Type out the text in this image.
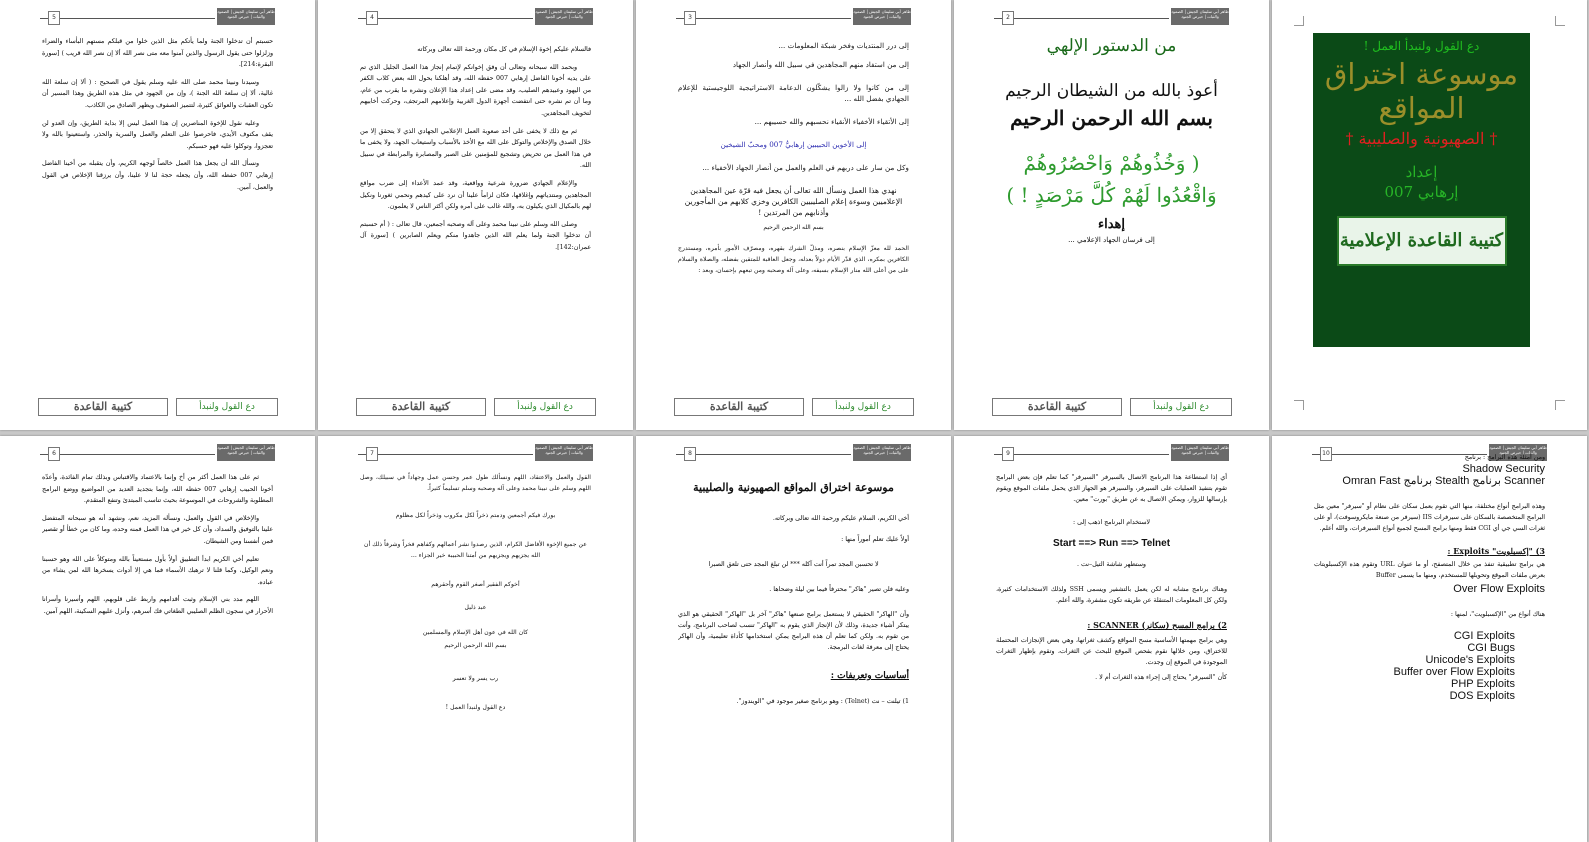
دع القول ولنبدأ العمل !
موسوعة اختراق المواقع
† الصهيونية والصليبية †
إعداد
إرهابي 007
كتيبة القاعدة الإعلامية
2
طاهر أبي سليمان الجيش | الصمود والثبات | حيرص الجنود
من الدستور الإلهي
أعوذ بالله من الشيطان الرجيم
بسم الله الرحمن الرحيم
( وَخُذُوهُمْ وَاحْصُرُوهُمْ وَاقْعُدُوا لَهُمْ كُلَّ مَرْصَدٍ ! )
إهداء
إلى فرسان الجهاد الإعلامي ...
كتيبة القاعدة	دع القول ولنبدأ
3
طاهر أبي سليمان الجيش | الصمود والثبات | حيرص الجنود

إلى درر المنتديات وفخر شبكة المعلومات ...

إلى من استفاد منهم المجاهدين في سبيل الله وأنصار الجهاد

إلى من كانوا ولا زالوا يشكّلون الدعامة الاستراتيجية اللوجيستية للإعلام الجهادي بفضل الله ...

إلى الأتقياء الأخفياء الأنقياء نحسبهم والله حسيبهم ...

إلى الأخوين الحبيبين إرهابيُّ 007 ومحبّ الشيخين

وكل من سار على دربهم في العلم والعمل من أنصار الجهاد الأخفياء ...

نهدي هذا العمل ونسأل الله تعالى أن يجعل فيه قرّة عين المجاهدين الإعلاميين وسوءة إعلام الصليبيين الكافرين وخزي كلابهم من المأجورين وأذنابهم من المرتدين !

بسم الله الرحمن الرحيم

الحمد لله معزّ الإسلام بنصره، ومذلّ الشرك بقهره، ومصرّف الأمور بأمره، ومستدرج الكافرين بمكره، الذي قدّر الأيام دولاً بعدله، وجعل العاقبة للمتقين بفضله، والصلاة والسلام على من أعلى الله منار الإسلام بسيفه، وعلى آله وصحبه ومن تبعهم بإحسان، وبعد :

كتيبة القاعدة	دع القول ولنبدأ
4
طاهر أبي سليمان الجيش | الصمود والثبات | حيرص الجنود

فالسلام عليكم إخوة الإسلام في كل مكان ورحمة الله تعالى وبركاته

وبحمد الله سبحانه وتعالى أن وفق إخوانكم لإتمام إنجاز هذا العمل الجليل الذي تم على يديه أخونا الفاضل إرهابي 007 حفظه الله، وقد أهلكنا بحول الله بعض كلاب الكفر من اليهود وعبيدهم الصليب، وقد مضى على إعداد هذا الإعلان ونشره ما يقرب من عام، وما أن تم نشره حتى انتفضت أجهزة الدول الغربية وإعلامهم المرتجف، وحركت أخابيهم لتخويف المجاهدين.

ثم مع ذلك لا يخفى على أحد صعوبة العمل الإعلامي الجهادي الذي لا يتحقق إلا من خلال الصدق والإخلاص والتوكل على الله مع الأخذ بالأسباب واستيعاب الجهد، ولا يخفى ما في هذا العمل من تحريض وتشجيع للمؤمنين على الصبر والمصابرة والمرابطة في سبيل الله.

والإعلام الجهادي ضرورة شرعية وواقعية، وقد عمد الأعداء إلى ضرب مواقع المجاهدين ومنتدياتهم وإغلاقها، فكان لزاماً علينا أن نرد على كيدهم ونحمي ثغورنا ونكيل لهم بالمكيال الذي يكيلون به، والله غالب على أمره ولكن أكثر الناس لا يعلمون.

وصلى الله وسلم على نبينا محمد وعلى آله وصحبه أجمعين، قال تعالى : ( أم حسبتم أن تدخلوا الجنة ولما يعلم الله الذين جاهدوا منكم ويعلم الصابرين ) [سورة آل عمران:142].

كتيبة القاعدة	دع القول ولنبدأ
5
طاهر أبي سليمان الجيش | الصمود والثبات | حيرص الجنود

حسبتم أن تدخلوا الجنة ولما يأتكم مثل الذين خلوا من قبلكم مستهم البأساء والضراء وزلزلوا حتى يقول الرسول والذين آمنوا معه متى نصر الله ألا إن نصر الله قريب ) [سورة البقرة:214].

وسيدنا ونبينا محمد صلى الله عليه وسلم يقول في الصحيح : ( ألا إن سلعة الله غالية، ألا إن سلعة الله الجنة )، وإن من الجهود في مثل هذه الطريق وهذا المسير أن تكون العقبات والعوائق كثيرة، لتتميز الصفوف ويظهر الصادق من الكاذب.

وعليه نقول للإخوة المناصرين إن هذا العمل ليس إلا بداية الطريق، وإن العدو لن يقف مكتوف الأيدي، فاحرصوا على التعلم والعمل والسرية والحذر، واستعينوا بالله ولا تعجزوا، وتوكلوا عليه فهو حسبكم.

ونسأل الله أن يجعل هذا العمل خالصاً لوجهه الكريم، وأن يتقبله من أخينا الفاضل إرهابي 007 حفظه الله، وأن يجعله حجة لنا لا علينا، وأن يرزقنا الإخلاص في القول والعمل، آمين.

كتيبة القاعدة	دع القول ولنبدأ
6
طاهر أبي سليمان الجيش | الصمود والثبات | حيرص الجنود

ثم على هذا العمل أكثر من أخ وإنما بالاعتماد والاقتباس وبذلك تمام الفائدة، وأعدّه أخونا الحبيب إرهابي 007 حفظه الله، وإنما بتجديد العديد من المواضيع ووضع البرامج المطلوبة والشروحات في الموسوعة بحيث تناسب المبتدئ وتنفع المتقدم.

والإخلاص في القول والعمل، ونسأله المزيد، نعم، ونشهد أنه هو سبحانه المتفضل علينا بالتوفيق والسداد، وأن كل خير في هذا العمل فمنه وحده، وما كان من خطأ أو تقصير فمن أنفسنا ومن الشيطان.

تعليم أخي الكريم ابدأ التطبيق أولاً بأول مستعيناً بالله ومتوكلاً على الله وهو حسبنا ونعم الوكيل، وكما قلنا لا ترهبك الأسماء فما هي إلا أدوات يسخرها الله لمن يشاء من عباده.

اللهم مدد بني الإسلام وثبت أقدامهم واربط على قلوبهم، اللهم وأسيرنا وأسرانا الأحرار في سجون الظلم الصليبي الطغاتي فك أسرهم، وأنزل عليهم السكينة، اللهم آمين.

7
طاهر أبي سليمان الجيش | الصمود والثبات | حيرص الجنود

القول والعمل والاعتقاد، اللهم ونسألك طول عمر وحسن عمل وجهاداً في سبيلك، وصل اللهم وسلم على نبينا محمد وعلى آله وصحبه وسلم تسليماً كثيراً.

بورك فيكم أجمعين ودمتم ذخراً لكل مكروب وذخراً لكل مظلوم

عن جميع الإخوة الأفاضل الكرام، الذين رصدوا نشر أعمالهم وكفاهم فخراً وشرفاً ذلك أن الله يجزيهم ويجزيهم من أمتنا الحبيبة خير الجزاء ...

أخوكم الفقير أصغر القوم وأحقرهم

عبد ذليل

كان الله في عون أهل الإسلام والمسلمين

بسم الله الرحمن الرحيم

رب يسر ولا تعسر

دع القول ولنبدأ العمل !

8
طاهر أبي سليمان الجيش | الصمود والثبات | حيرص الجنود

موسوعة اختراق المواقع الصهيونية والصليبية

أخي الكريم، السلام عليكم ورحمة الله تعالى وبركاته.

أولاً عليك تعلم أموراً منها :

لا تحسبن المجد تمراً أنت آكله *** لن تبلغ المجد حتى تلعق الصبرا

وعليه فلن تصير "هاكر" محترفاً فيما بين ليلة وضحاها .

وأن "الهاكر" الحقيقي لا يستعمل برامج صنعها "هاكر" آخر بل "الهاكر" الحقيقي هو الذي يبتكر أشياء جديدة، وذلك لأن الإنجاز الذي يقوم به "الهاكر" تنسب لصاحب البرنامج، وأنت من تقوم به. ولكن كما تعلم أن هذه البرامج يمكن استخدامها كأداة تعليمية، وأن الهاكر يحتاج إلى معرفة لغات البرمجة.

أساسيات وتعريفات :

1) تيلنت – نت (Telnet) : وهو برنامج صغير موجود في "الويندوز".

9
طاهر أبي سليمان الجيش | الصمود والثبات | حيرص الجنود

أي إذا استطاعة هذا البرنامج الاتصال بالسيرفر "السيرفر" كما تعلم فإن بعض البرامج تقوم بتنفيذ العمليات على السيرفر، والسيرفر هو الجهاز الذي يحمل ملفات الموقع ويقوم بإرسالها للزوار، ويمكن الاتصال به عن طريق "بورت" معين.

لاستخدام البرنامج اذهب إلى :

Start ==> Run ==> Telnet

وستظهر شاشة التيل–نت .

وهناك برنامج مشابه له لكن يعمل بالتشفير ويسمى SSH ولذلك الاستخدامات كثيرة، ولكن كل المعلومات المتنقلة عن طريقه تكون مشفرة، والله أعلم.

2) برامج المسح (سكانر) SCANNER :

وهي برامج مهمتها الأساسية مسح المواقع وكشف ثغراتها، وهي بعض الإنجازات المحتملة للاختراق، ومن خلالها نقوم بفحص الموقع للبحث عن الثغرات، وتقوم بإظهار الثغرات الموجودة في الموقع إن وجدت.

كأن "السيرفر" يحتاج إلى إجراء هذه الثغرات أم لا .

10
طاهر أبي سليمان الجيش | الصمود والثبات | حيرص الجنود

ومن أمثلة هذه البرامج : برنامج

Shadow Security

Omran Fast برنامج Stealth برنامج Scanner

وهذه البرامج أنواع مختلفة، منها التي تقوم بعمل سكان على نظام أو "سيرفر" معين مثل البرامج المتخصصة بالسكان على سيرفرات IIS (سيرفر من صنعة مايكروسوفت)، أو على ثغرات السي جي أي CGI فقط ومنها برامج المسح لجميع أنواع السيرفرات، والله أعلم.

3) "إكسبلويت" Exploits :

هي برامج تطبيقية تنفذ من خلال المتصفح، أو ما عنوان URL وتقوم هذه الإكسبلويتات بعرض ملفات الموقع وتحويلها للمستخدم، ومنها ما يسمى Buffer

Over Flow Exploits

هناك أنواع من "الإكسبلويت"، لمنها :

CGI Exploits
CGI Bugs
Unicode's Exploits
Buffer over Flow Exploits
PHP Exploits
DOS Exploits
